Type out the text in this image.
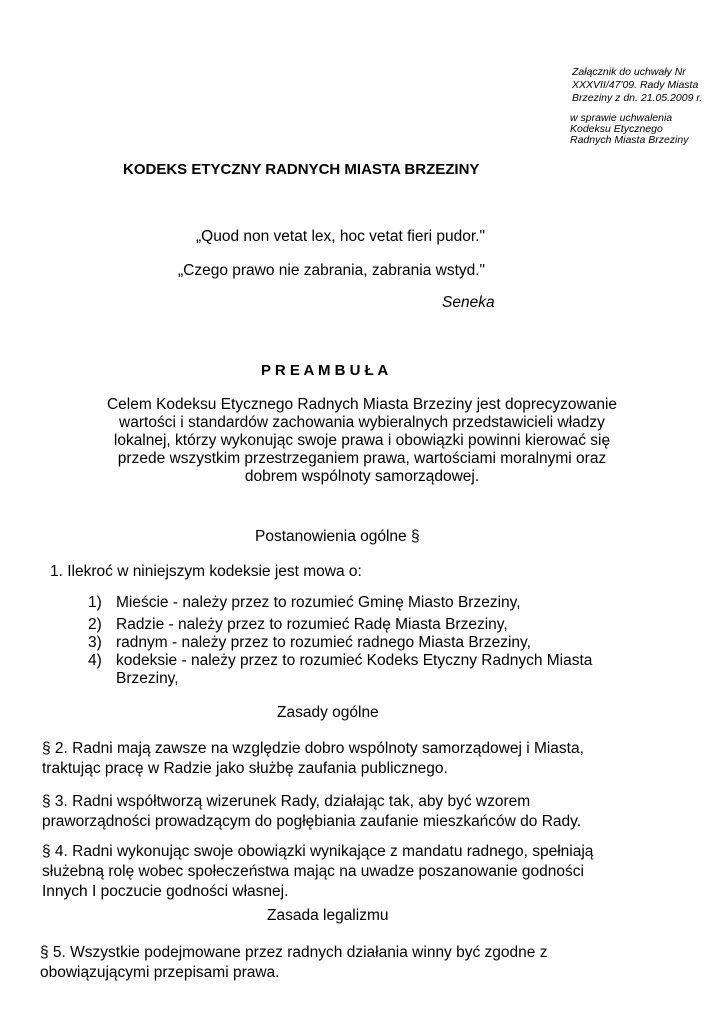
Załącznik do uchwały Nr
XXXVII/47'09. Rady Miasta
Brzeziny z dn. 21.05.2009 r.
w sprawie uchwalenia
Kodeksu Etycznego
Radnych Miasta Brzeziny
KODEKS ETYCZNY RADNYCH MIASTA BRZEZINY
„Quod non vetat lex, hoc vetat fieri pudor."
„Czego prawo nie zabrania, zabrania wstyd."
Seneka
P R E A M B U Ł A
Celem Kodeksu Etycznego Radnych Miasta Brzeziny jest doprecyzowanie wartości i standardów zachowania wybieralnych przedstawicieli władzy lokalnej, którzy wykonując swoje prawa i obowiązki powinni kierować się przede wszystkim przestrzeganiem prawa, wartościami moralnymi oraz dobrem wspólnoty samorządowej.
Postanowienia ogólne §
1. Ilekroć w niniejszym kodeksie jest mowa o:
1) Mieście - należy przez to rozumieć Gminę Miasto Brzeziny,
2) Radzie - należy przez to rozumieć Radę Miasta Brzeziny,
3) radnym - należy przez to rozumieć radnego Miasta Brzeziny,
4) kodeksie - należy przez to rozumieć Kodeks Etyczny Radnych Miasta
Brzeziny,
Zasady ogólne
§ 2. Radni mają zawsze na względzie dobro wspólnoty samorządowej i Miasta,
traktując pracę w Radzie jako służbę zaufania publicznego.
§ 3. Radni współtworzą wizerunek Rady, działając tak, aby być wzorem
praworządności prowadzącym do pogłębiania zaufanie mieszkańców do Rady.
§ 4. Radni wykonując swoje obowiązki wynikające z mandatu radnego, spełniają
służebną rolę wobec społeczeństwa mając na uwadze poszanowanie godności
Innych I poczucie godności własnej.
Zasada legalizmu
§ 5. Wszystkie podejmowane przez radnych działania winny być zgodne z
obowiązującymi przepisami prawa.
